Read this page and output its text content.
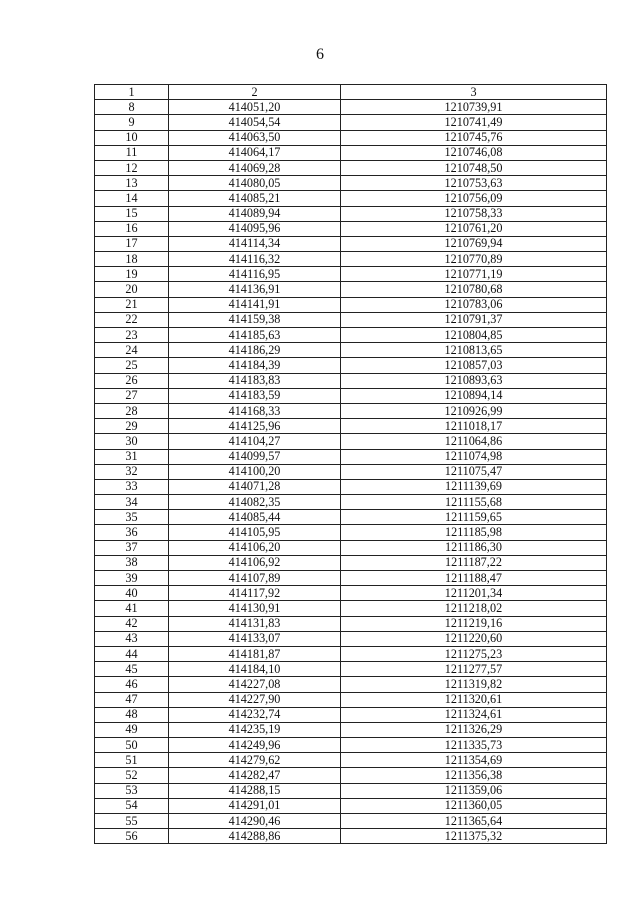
6
1	2	3
8	414051,20	1210739,91
9	414054,54	1210741,49
10	414063,50	1210745,76
11	414064,17	1210746,08
12	414069,28	1210748,50
13	414080,05	1210753,63
14	414085,21	1210756,09
15	414089,94	1210758,33
16	414095,96	1210761,20
17	414114,34	1210769,94
18	414116,32	1210770,89
19	414116,95	1210771,19
20	414136,91	1210780,68
21	414141,91	1210783,06
22	414159,38	1210791,37
23	414185,63	1210804,85
24	414186,29	1210813,65
25	414184,39	1210857,03
26	414183,83	1210893,63
27	414183,59	1210894,14
28	414168,33	1210926,99
29	414125,96	1211018,17
30	414104,27	1211064,86
31	414099,57	1211074,98
32	414100,20	1211075,47
33	414071,28	1211139,69
34	414082,35	1211155,68
35	414085,44	1211159,65
36	414105,95	1211185,98
37	414106,20	1211186,30
38	414106,92	1211187,22
39	414107,89	1211188,47
40	414117,92	1211201,34
41	414130,91	1211218,02
42	414131,83	1211219,16
43	414133,07	1211220,60
44	414181,87	1211275,23
45	414184,10	1211277,57
46	414227,08	1211319,82
47	414227,90	1211320,61
48	414232,74	1211324,61
49	414235,19	1211326,29
50	414249,96	1211335,73
51	414279,62	1211354,69
52	414282,47	1211356,38
53	414288,15	1211359,06
54	414291,01	1211360,05
55	414290,46	1211365,64
56	414288,86	1211375,32
